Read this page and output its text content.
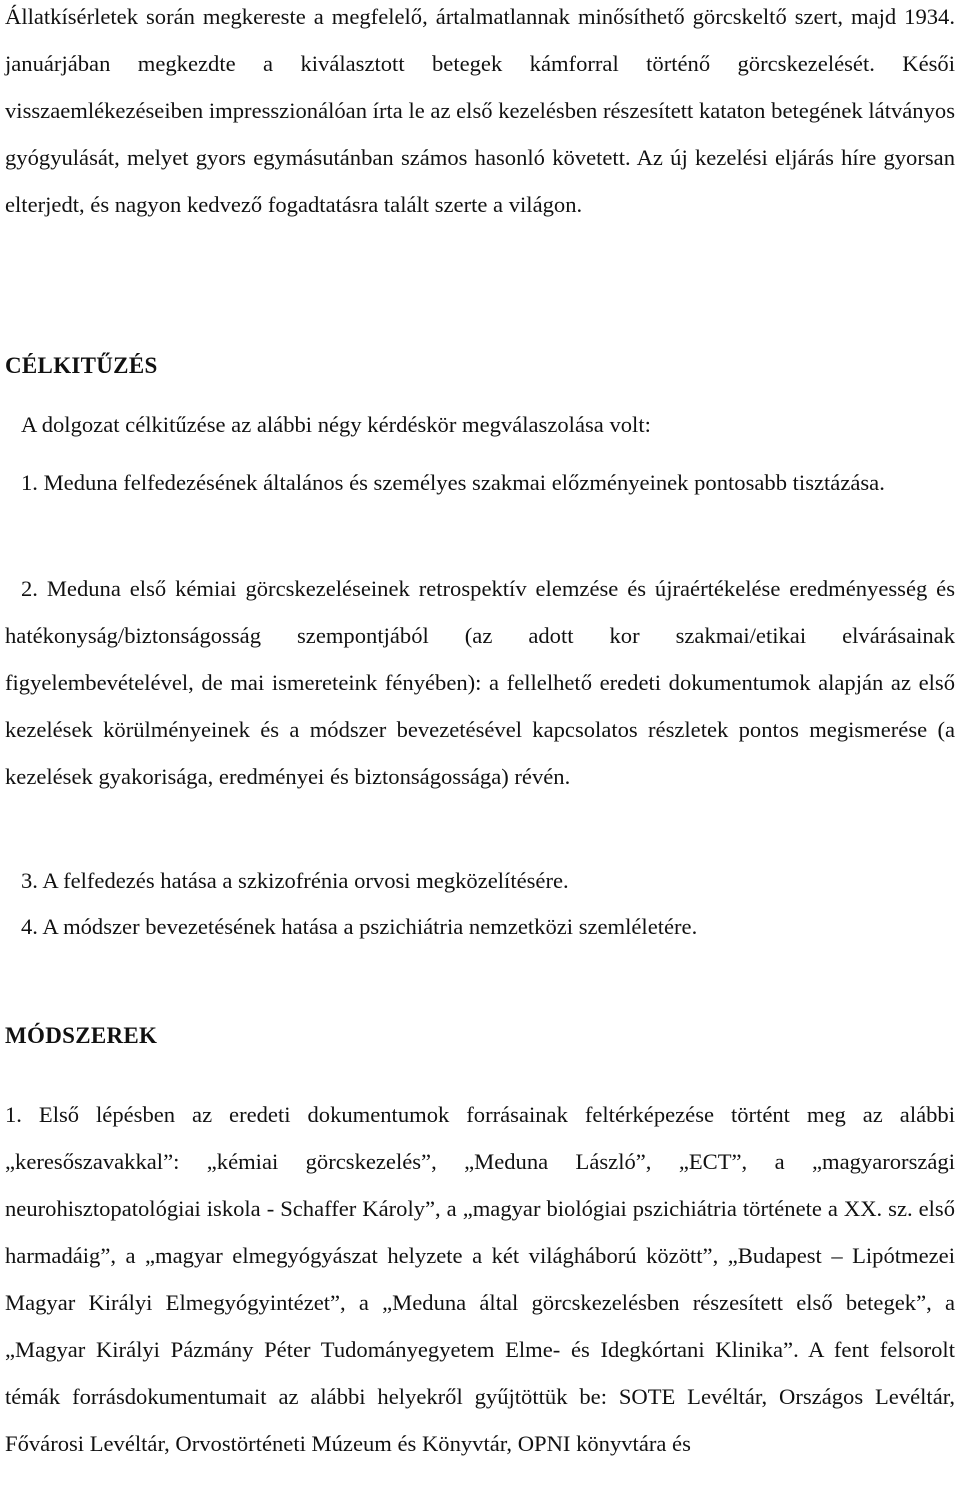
Állatkísérletek során megkereste a megfelelő, ártalmatlannak minősíthető görcskeltő szert, majd 1934. januárjában megkezdte a kiválasztott betegek kámforral történő görcskezelését. Késői visszaemlékezéseiben impresszionálóan írta le az első kezelésben részesített kataton betegének látványos gyógyulását, melyet gyors egymásutánban számos hasonló követett. Az új kezelési eljárás híre gyorsan elterjedt, és nagyon kedvező fogadtatásra talált szerte a világon.

CÉLKITŰZÉS

A dolgozat célkitűzése az alábbi négy kérdéskör megválaszolása volt:

1. Meduna felfedezésének általános és személyes szakmai előzményeinek pontosabb tisztázása.

2. Meduna első kémiai görcskezeléseinek retrospektív elemzése és újraértékelése eredményesség és hatékonyság/biztonságosság szempontjából (az adott kor szakmai/etikai elvárásainak figyelembevételével, de mai ismereteink fényében): a fellelhető eredeti dokumentumok alapján az első kezelések körülményeinek és a módszer bevezetésével kapcsolatos részletek pontos megismerése (a kezelések gyakorisága, eredményei és biztonságossága) révén.

3. A felfedezés hatása a szkizofrénia orvosi megközelítésére.

4. A módszer bevezetésének hatása a pszichiátria nemzetközi szemléletére.

MÓDSZEREK

1. Első lépésben az eredeti dokumentumok forrásainak feltérképezése történt meg az alábbi „keresőszavakkal”: „kémiai görcskezelés”, „Meduna László”, „ECT”, a „magyarországi neurohisztopatológiai iskola - Schaffer Károly”, a „magyar biológiai pszichiátria története a XX. sz. első harmadáig”, a „magyar elmegyógyászat helyzete a két világháború között”, „Budapest – Lipótmezei Magyar Királyi Elmegyógyintézet”, a „Meduna által görcskezelésben részesített első betegek”, a „Magyar Királyi Pázmány Péter Tudományegyetem Elme- és Idegkórtani Klinika”. A fent felsorolt témák forrásdokumentumait az alábbi helyekről gyűjtöttük be: SOTE Levéltár, Országos Levéltár, Fővárosi Levéltár, Orvostörténeti Múzeum és Könyvtár, OPNI könyvtára és
